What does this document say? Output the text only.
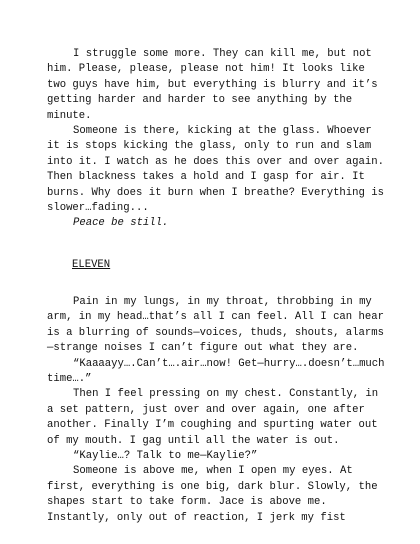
I struggle some more. They can kill me, but not him. Please, please, please not him! It looks like two guys have him, but everything is blurry and it’s getting harder and harder to see anything by the minute.

Someone is there, kicking at the glass. Whoever it is stops kicking the glass, only to run and slam into it. I watch as he does this over and over again. Then blackness takes a hold and I gasp for air. It burns. Why does it burn when I breathe? Everything is slower…fading...

Peace be still.

ELEVEN

Pain in my lungs, in my throat, throbbing in my arm, in my head…that’s all I can feel. All I can hear is a blurring of sounds—voices, thuds, shouts, alarms—strange noises I can’t figure out what they are.

“Kaaaayy….Can’t….air…now! Get—hurry….doesn’t…much time….”

Then I feel pressing on my chest. Constantly, in a set pattern, just over and over again, one after another. Finally I’m coughing and spurting water out of my mouth. I gag until all the water is out.

“Kaylie…? Talk to me—Kaylie?”

Someone is above me, when I open my eyes. At first, everything is one big, dark blur. Slowly, the shapes start to take form. Jace is above me. Instantly, only out of reaction, I jerk my fist
